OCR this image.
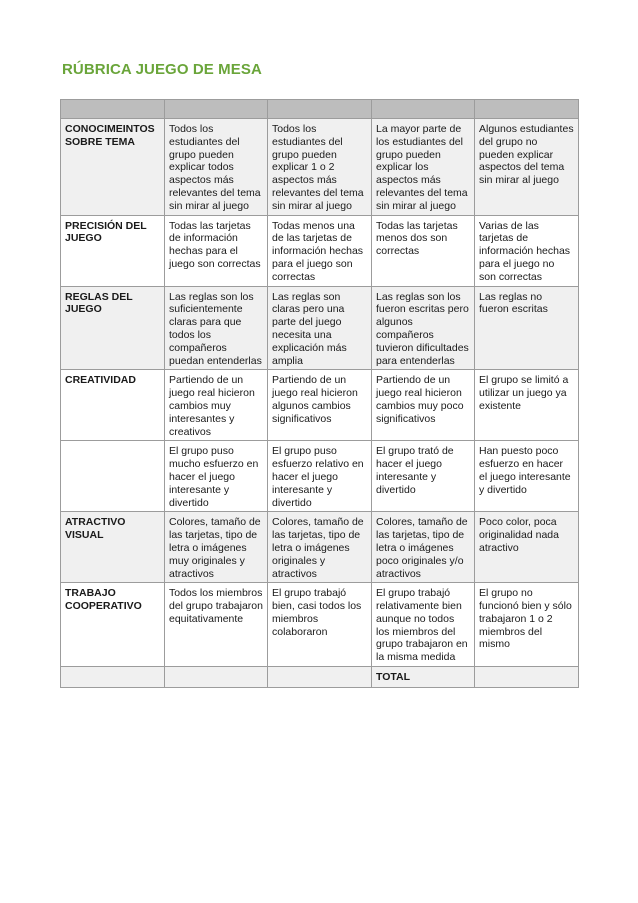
RÚBRICA JUEGO DE MESA

CONOCIMEINTOS SOBRE TEMA	Todos los estudiantes del grupo pueden explicar todos aspectos más relevantes del tema sin mirar al juego	Todos los estudiantes del grupo pueden explicar 1 o 2 aspectos más relevantes del tema sin mirar al juego	La mayor parte de los estudiantes del grupo pueden explicar los aspectos más relevantes del tema sin mirar al juego	Algunos estudiantes del grupo no pueden explicar aspectos del tema sin mirar al juego
PRECISIÓN DEL JUEGO	Todas las tarjetas de información hechas para el juego son correctas	Todas menos una de las tarjetas de información hechas para el juego son correctas	Todas las tarjetas menos dos son correctas	Varias de las tarjetas de información hechas para el juego no son correctas
REGLAS DEL JUEGO	Las reglas son los suficientemente claras para que todos los compañeros puedan entenderlas	Las reglas son claras pero una parte del juego necesita una explicación más amplia	Las reglas son los fueron escritas pero algunos compañeros tuvieron dificultades para entenderlas	Las reglas no fueron escritas
CREATIVIDAD	Partiendo de un juego real hicieron cambios muy interesantes y creativos	Partiendo de un juego real hicieron algunos cambios significativos	Partiendo de un juego real hicieron cambios muy poco significativos	El grupo se limitó a utilizar un juego ya existente
	El grupo puso mucho esfuerzo en hacer el juego interesante y divertido	El grupo puso esfuerzo relativo en hacer el juego interesante y divertido	El grupo trató de hacer el juego interesante y divertido	Han puesto poco esfuerzo en hacer el juego interesante y divertido
ATRACTIVO VISUAL	Colores, tamaño de las tarjetas, tipo de letra o imágenes muy originales y atractivos	Colores, tamaño de las tarjetas, tipo de letra o imágenes originales y atractivos	Colores, tamaño de las tarjetas, tipo de letra o imágenes poco originales y/o atractivos	Poco color, poca originalidad nada atractivo
TRABAJO COOPERATIVO	Todos los miembros del grupo trabajaron equitativamente	El grupo trabajó bien, casi todos los miembros colaboraron	El grupo trabajó relativamente bien aunque no todos los miembros del grupo trabajaron en la misma medida	El grupo no funcionó bien y sólo trabajaron 1 o 2 miembros del mismo
			TOTAL	
